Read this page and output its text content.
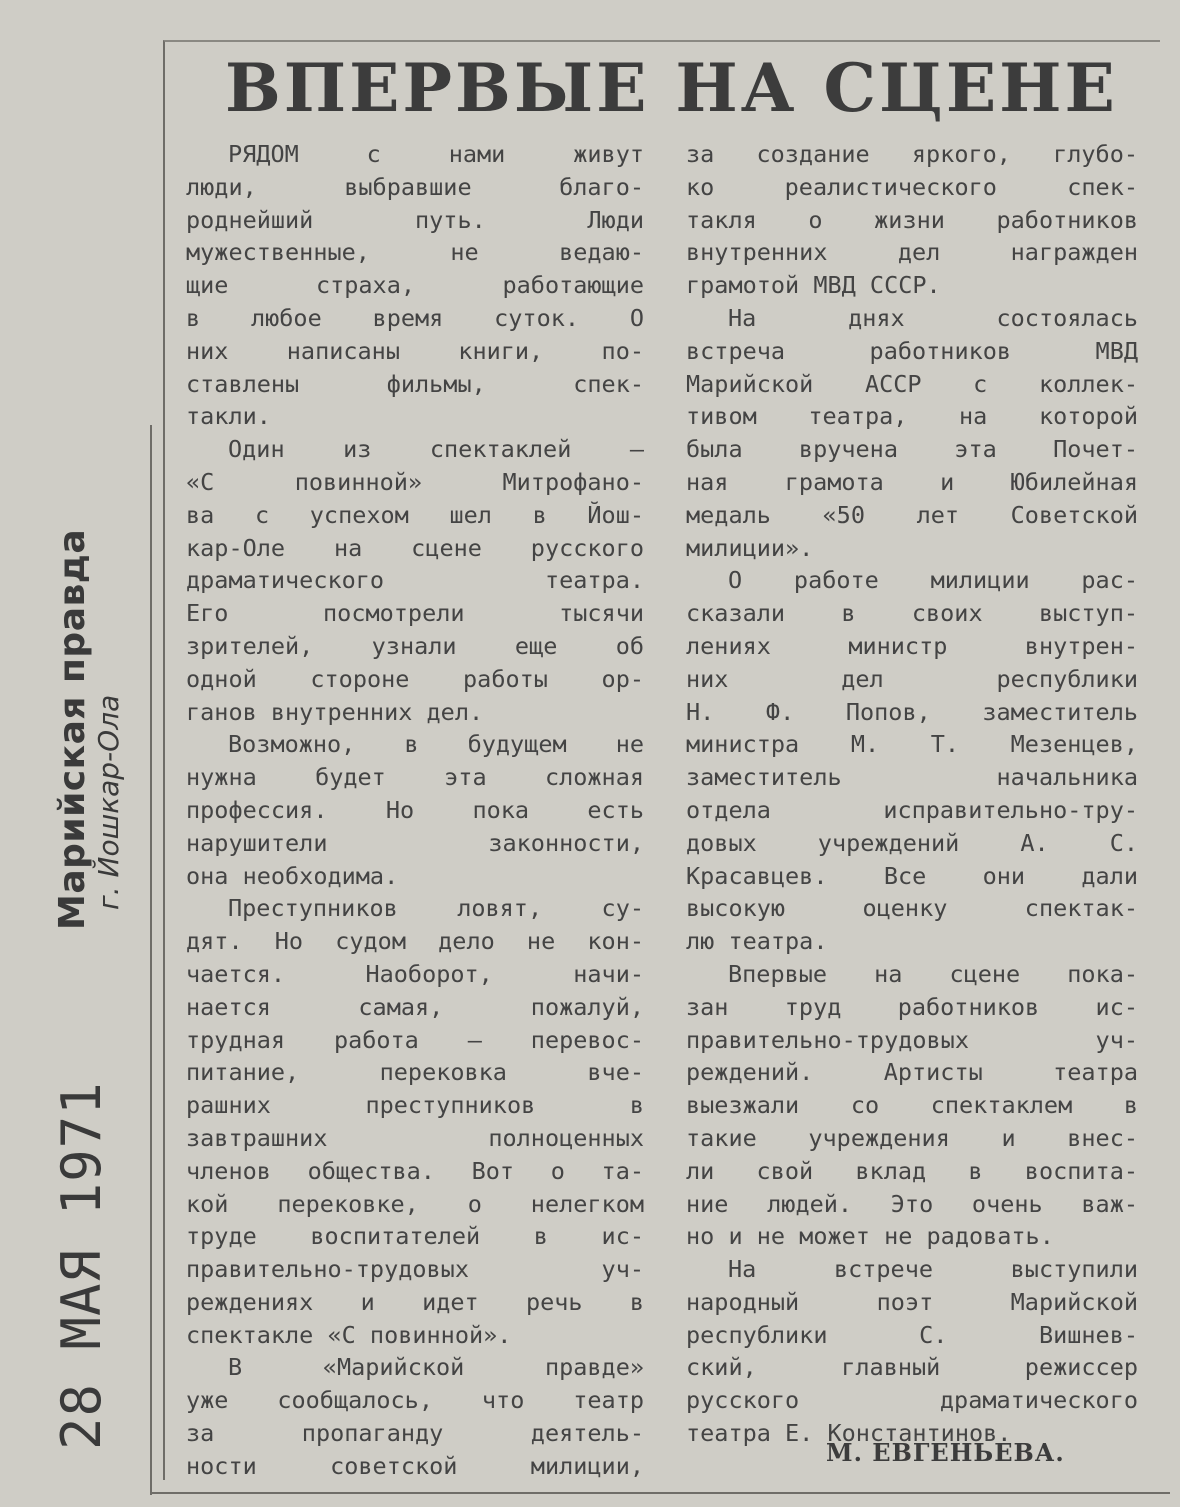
Марийская правда г. Йошкар-Ола
28 МАЯ 1971
ВПЕРВЫЕ НА СЦЕНЕ
РЯДОМ с нами живут
люди, выбравшие благо-
роднейший путь. Люди
мужественные, не ведаю-
щие страха, работающие
в любое время суток. О
них написаны книги, по-
ставлены фильмы, спек-
такли.
Один из спектаклей —
«С повинной» Митрофано-
ва с успехом шел в Йош-
кар-Оле на сцене русского
драматического театра.
Его посмотрели тысячи
зрителей, узнали еще об
одной стороне работы ор-
ганов внутренних дел.
Возможно, в будущем не
нужна будет эта сложная
профессия. Но пока есть
нарушители законности,
она необходима.
Преступников ловят, су-
дят. Но судом дело не кон-
чается. Наоборот, начи-
нается самая, пожалуй,
трудная работа — перевос-
питание, перековка вче-
рашних преступников в
завтрашних полноценных
членов общества. Вот о та-
кой перековке, о нелегком
труде воспитателей в ис-
правительно-трудовых уч-
реждениях и идет речь в
спектакле «С повинной».
В «Марийской правде»
уже сообщалось, что театр
за пропаганду деятель-
ности советской милиции,
за создание яркого, глубо-
ко реалистического спек-
такля о жизни работников
внутренних дел награжден
грамотой МВД СССР.
На днях состоялась
встреча работников МВД
Марийской АССР с коллек-
тивом театра, на которой
была вручена эта Почет-
ная грамота и Юбилейная
медаль «50 лет Советской
милиции».
О работе милиции рас-
сказали в своих выступ-
лениях министр внутрен-
них дел республики
Н. Ф. Попов, заместитель
министра М. Т. Мезенцев,
заместитель начальника
отдела исправительно-тру-
довых учреждений А. С.
Красавцев. Все они дали
высокую оценку спектак-
лю театра.
Впервые на сцене пока-
зан труд работников ис-
правительно-трудовых уч-
реждений. Артисты театра
выезжали со спектаклем в
такие учреждения и внес-
ли свой вклад в воспита-
ние людей. Это очень важ-
но и не может не радовать.
На встрече выступили
народный поэт Марийской
республики С. Вишнев-
ский, главный режиссер
русского драматического
театра Е. Константинов.
М. ЕВГЕНЬЕВА.
